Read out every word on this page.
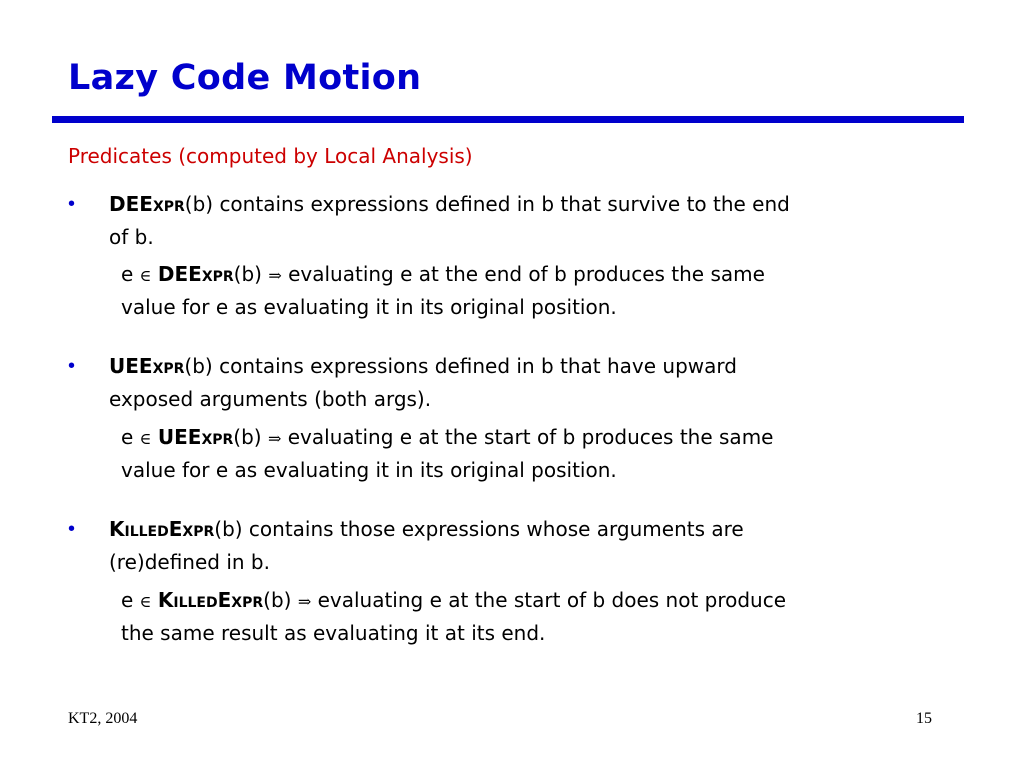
Lazy Code Motion
Predicates (computed by Local Analysis)
•	DEEXPR(b) contains expressions defined in b that survive to the end
of b.
e ∈ DEEXPR(b) ⇒ evaluating e at the end of b produces the same
value for e as evaluating it in its original position.
•	UEEXPR(b) contains expressions defined in b that have upward
exposed arguments (both args).
e ∈ UEEXPR(b) ⇒ evaluating e at the start of b produces the same
value for e as evaluating it in its original position.
•	KILLEDEXPR(b) contains those expressions whose arguments are
(re)defined in b.
e ∈ KILLEDEXPR(b) ⇒ evaluating e at the start of b does not produce
the same result as evaluating it at its end.
KT2, 2004	15
